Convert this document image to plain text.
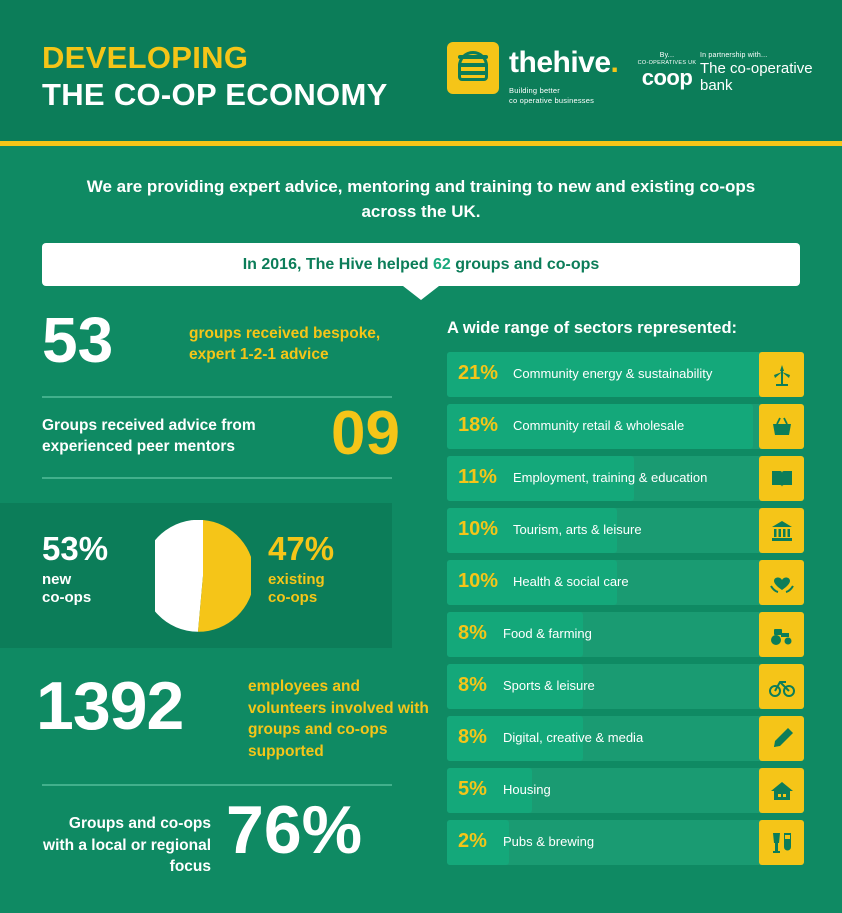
DEVELOPING
THE CO-OP ECONOMY
thehive.
Building better
co operative businesses
By...
CO-OPERATIVES UK
coop
In partnership with...
The co-operative
bank
We are providing expert advice, mentoring and training to new and existing co-ops across the UK.
In 2016, The Hive helped 62 groups and co-ops
53	groups received bespoke, expert 1-2-1 advice
Groups received advice from experienced peer mentors	09
53%
new
co-ops
47%
existing
co-ops
1392	employees and volunteers involved with groups and co-ops supported
Groups and co-ops with a local or regional focus 76%
A wide range of sectors represented:
21% Community energy & sustainability
18% Community retail & wholesale
11% Employment, training & education
10% Tourism, arts & leisure
10% Health & social care
8% Food & farming
8% Sports & leisure
8% Digital, creative & media
5% Housing
2% Pubs & brewing
